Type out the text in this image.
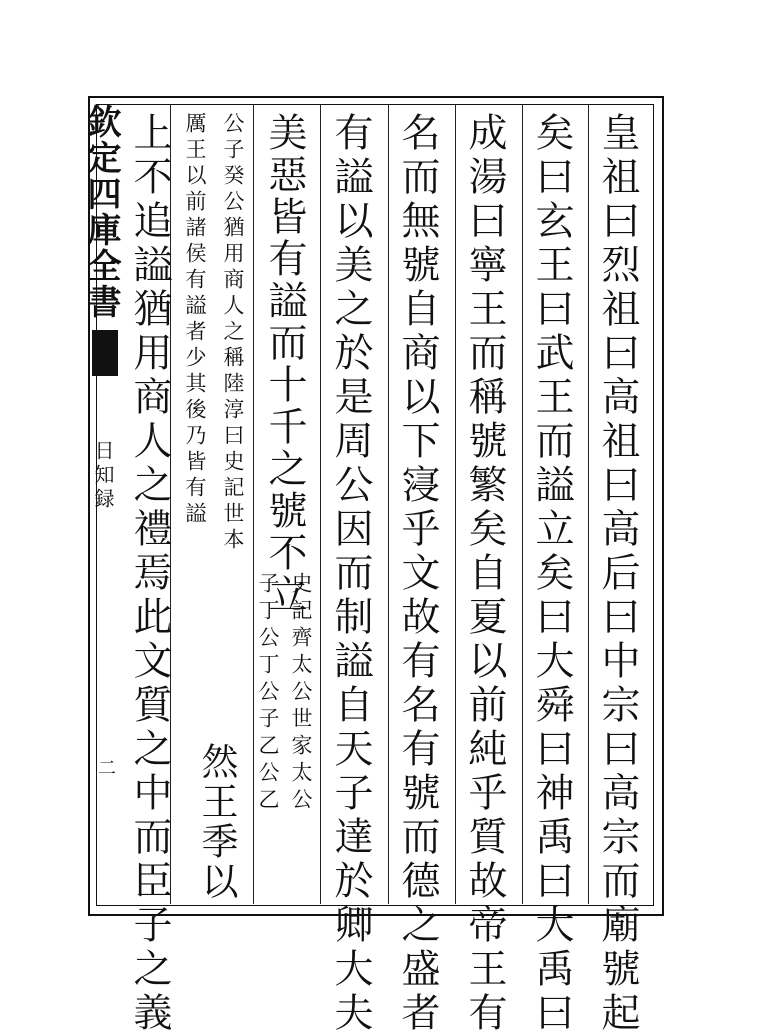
欽定四庫全書
日知録
二	皇祖曰烈祖曰高祖曰高后曰中宗曰高宗而廟號起
矣曰玄王曰武王而謚立矣曰大舜曰神禹曰大禹曰
成湯曰寧王而稱號繁矣自夏以前純乎質故帝王有
名而無號自商以下寖乎文故有名有號而德之盛者
有謚以美之於是周公因而制謚自天子達於卿大夫
美惡皆有謚而十千之號不立
史記齊太公世家太公
子丁公丁公子乙公乙
公子癸公猶用商人之稱陸淳曰史記世本
厲王以前諸侯有謚者少其後乃皆有謚
然王季以
上不追謚猶用商人之禮焉此文質之中而臣子之義
